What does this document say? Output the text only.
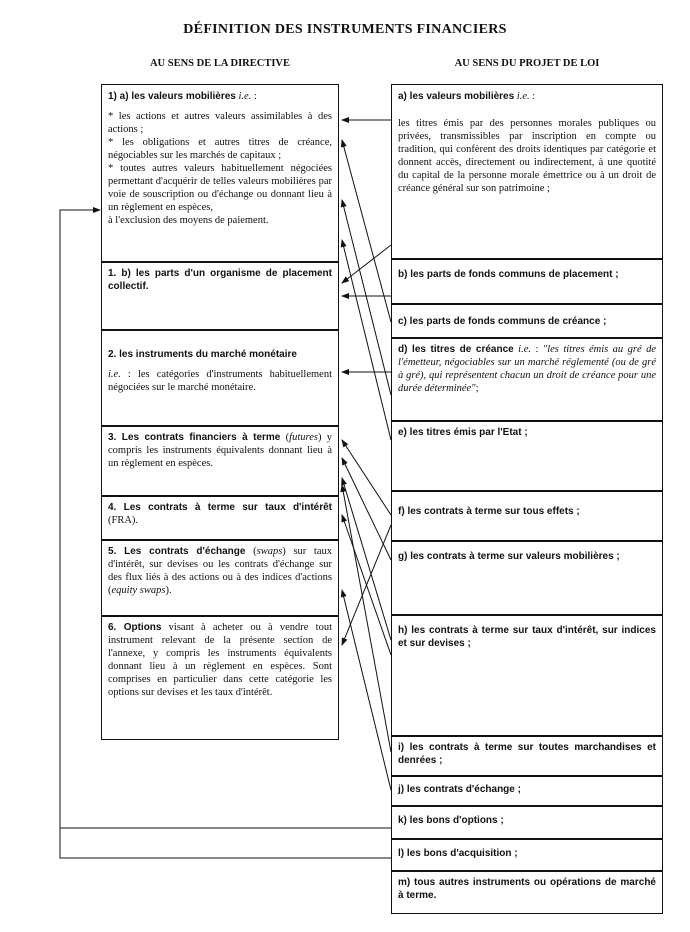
DÉFINITION DES INSTRUMENTS FINANCIERS
AU SENS DE LA DIRECTIVE	AU SENS DU PROJET DE LOI

1) a) les valeurs mobilières i.e. :

* les actions et autres valeurs assimilables à des actions ;
* les obligations et autres titres de créance, négociables sur les marchés de capitaux ;
* toutes autres valeurs habituellement négociées permettant d'acquérir de telles valeurs mobilières par voie de souscription ou d'échange ou donnant lieu à un règlement en espèces,
à l'exclusion des moyens de paiement.
1. b) les parts d'un organisme de placement collectif.

2. les instruments du marché monétaire

i.e. : les catégories d'instruments habituellement négociées sur le marché monétaire.
3. Les contrats financiers à terme (futures) y compris les instruments équivalents donnant lieu à un règlement en espèces.
4. Les contrats à terme sur taux d'intérêt (FRA).
5. Les contrats d'échange (swaps) sur taux d'intérêt, sur devises ou les contrats d'échange sur des flux liés à des actions ou à des indices d'actions (equity swaps).
6. Options visant à acheter ou à vendre tout instrument relevant de la présente section de l'annexe, y compris les instruments équivalents donnant lieu à un règlement en espèces. Sont comprises en particulier dans cette catégorie les options sur devises et les taux d'intérêt.

a) les valeurs mobilières i.e. :

les titres émis par des personnes morales publiques ou privées, transmissibles par inscription en compte ou tradition, qui confèrent des droits identiques par catégorie et donnent accès, directement ou indirectement, à une quotité du capital de la personne morale émettrice ou à un droit de créance général sur son patrimoine ;
b) les parts de fonds communs de placement ;
c) les parts de fonds communs de créance ;
d) les titres de créance i.e. : "les titres émis au gré de l'émetteur, négociables sur un marché réglementé (ou de gré à gré), qui représentent chacun un droit de créance pour une durée déterminée";
e) les titres émis par l'Etat ;
f) les contrats à terme sur tous effets ;
g) les contrats à terme sur valeurs mobilières ;
h) les contrats à terme sur taux d'intérêt, sur indices et sur devises ;
i) les contrats à terme sur toutes marchandises et denrées ;
j) les contrats d'échange ;
k) les bons d'options ;
l) les bons d'acquisition ;
m) tous autres instruments ou opérations de marché à terme.
